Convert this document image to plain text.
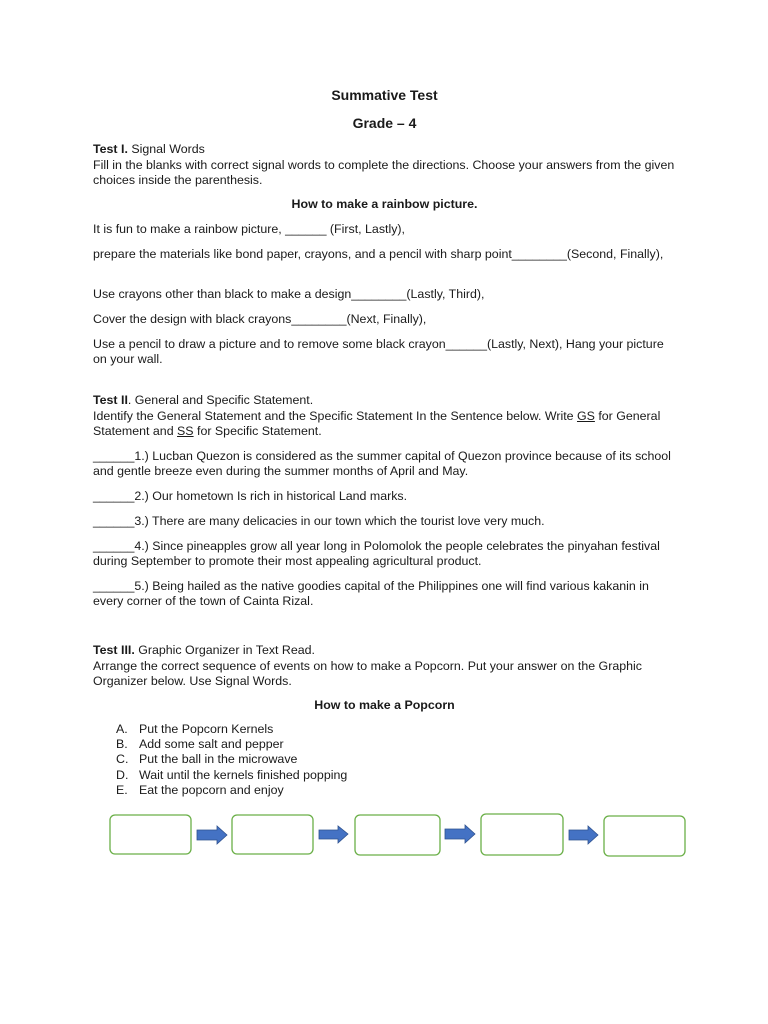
Summative Test
Grade – 4

Test I. Signal Words

Fill in the blanks with correct signal words to complete the directions. Choose your answers from the given choices inside the parenthesis.

How to make a rainbow picture.

It is fun to make a rainbow picture, ______ (First, Lastly),

prepare the materials like bond paper, crayons, and a pencil with sharp point________(Second, Finally),

Use crayons other than black to make a design________(Lastly, Third),

Cover the design with black crayons________(Next, Finally),

Use a pencil to draw a picture and to remove some black crayon______(Lastly, Next), Hang your picture on your wall.

Test II. General and Specific Statement.

Identify the General Statement and the Specific Statement In the Sentence below. Write GS for General Statement and SS for Specific Statement.

______1.) Lucban Quezon is considered as the summer capital of Quezon province because of its school and gentle breeze even during the summer months of April and May.

______2.) Our hometown Is rich in historical Land marks.

______3.) There are many delicacies in our town which the tourist love very much.

______4.) Since pineapples grow all year long in Polomolok the people celebrates the pinyahan festival during September to promote their most appealing agricultural product.

______5.) Being hailed as the native goodies capital of the Philippines one will find various kakanin in every corner of the town of Cainta Rizal.

Test III. Graphic Organizer in Text Read.

Arrange the correct sequence of events on how to make a Popcorn. Put your answer on the Graphic Organizer below. Use Signal Words.

How to make a Popcorn
A. Put the Popcorn Kernels
B. Add some salt and pepper
C. Put the ball in the microwave
D. Wait until the kernels finished popping
E. Eat the popcorn and enjoy
